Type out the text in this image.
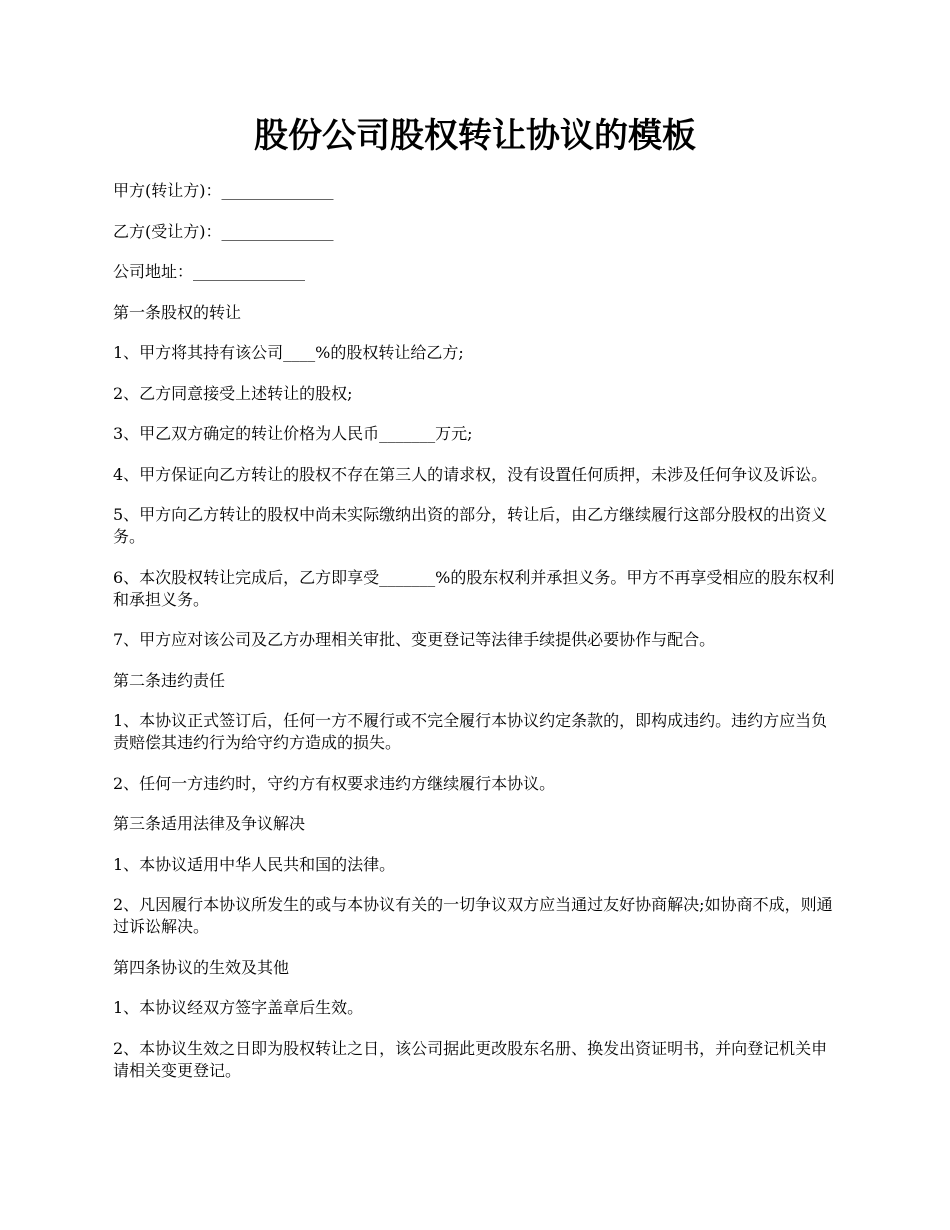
股份公司股权转让协议的模板

甲方(转让方)：______________

乙方(受让方)：______________

公司地址：______________

第一条股权的转让

1、甲方将其持有该公司____%的股权转让给乙方;

2、乙方同意接受上述转让的股权;

3、甲乙双方确定的转让价格为人民币_______万元;

4、甲方保证向乙方转让的股权不存在第三人的请求权，没有设置任何质押，未涉及任何争议及诉讼。

5、甲方向乙方转让的股权中尚未实际缴纳出资的部分，转让后，由乙方继续履行这部分股权的出资义务。

6、本次股权转让完成后，乙方即享受_______%的股东权利并承担义务。甲方不再享受相应的股东权利和承担义务。

7、甲方应对该公司及乙方办理相关审批、变更登记等法律手续提供必要协作与配合。

第二条违约责任

1、本协议正式签订后，任何一方不履行或不完全履行本协议约定条款的，即构成违约。违约方应当负责赔偿其违约行为给守约方造成的损失。

2、任何一方违约时，守约方有权要求违约方继续履行本协议。

第三条适用法律及争议解决

1、本协议适用中华人民共和国的法律。

2、凡因履行本协议所发生的或与本协议有关的一切争议双方应当通过友好协商解决;如协商不成，则通过诉讼解决。

第四条协议的生效及其他

1、本协议经双方签字盖章后生效。

2、本协议生效之日即为股权转让之日，该公司据此更改股东名册、换发出资证明书，并向登记机关申请相关变更登记。
